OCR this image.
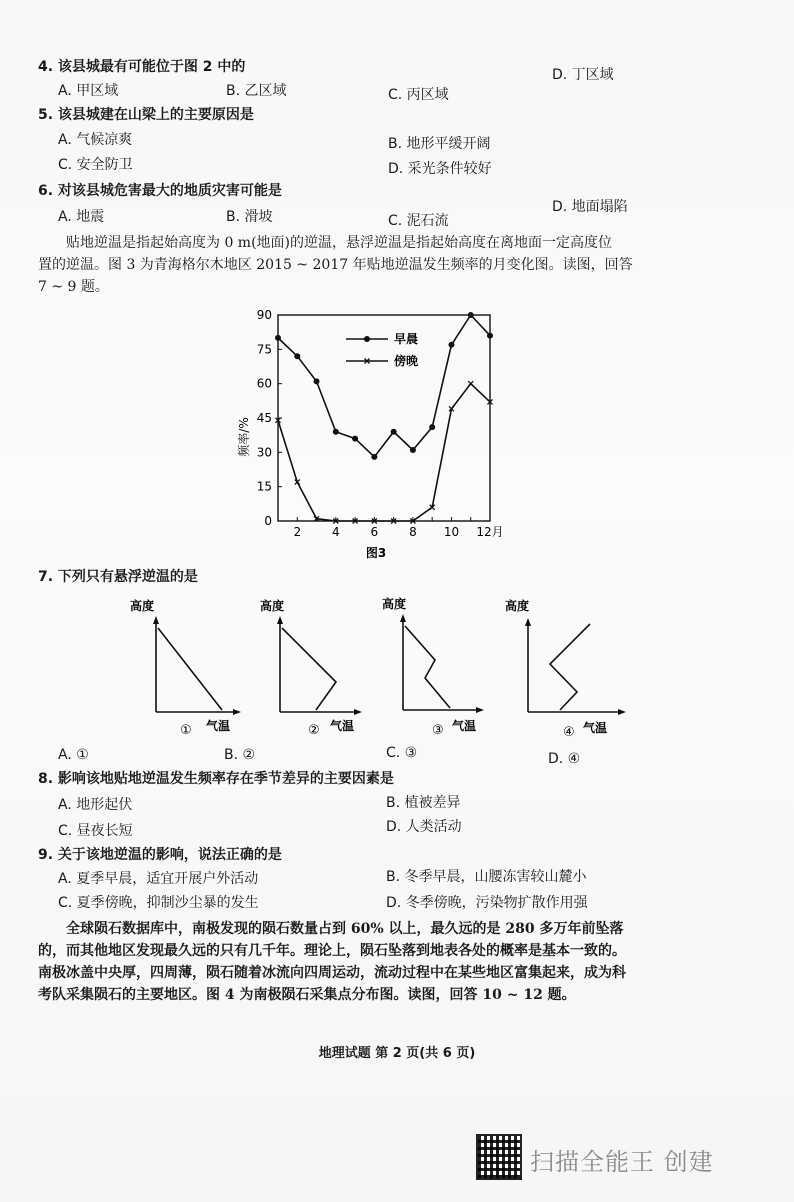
4. 该县城最有可能位于图 2 中的
A. 甲区域	B. 乙区域	C. 丙区域
D. 丁区域
5. 该县城建在山梁上的主要原因是
A. 气候凉爽	B. 地形平缓开阔
C. 安全防卫	D. 采光条件较好
6. 对该县城危害最大的地质灾害可能是
A. 地震	B. 滑坡	C. 泥石流
D. 地面塌陷
贴地逆温是指起始高度为 0 m(地面)的逆温，悬浮逆温是指起始高度在离地面一定高度位
置的逆温。图 3 为青海格尔木地区 2015 ~ 2017 年贴地逆温发生频率的月变化图。读图，回答
7 ~ 9 题。
0
15
30
45
60
75
90
2	4	6	8 10 12月
早晨
傍晚
频率/%
图3
7. 下列只有悬浮逆温的是
高度
① 气温
高度
② 气温
高度
③ 气温
高度
④ 气温
A. ①	B. ②	C. ③	D. ④
8. 影响该地贴地逆温发生频率存在季节差异的主要因素是
A. 地形起伏	B. 植被差异
C. 昼夜长短	D. 人类活动
9. 关于该地逆温的影响，说法正确的是
A. 夏季早晨，适宜开展户外活动	B. 冬季早晨，山腰冻害较山麓小
C. 夏季傍晚，抑制沙尘暴的发生	D. 冬季傍晚，污染物扩散作用强
全球陨石数据库中，南极发现的陨石数量占到 60% 以上，最久远的是 280 多万年前坠落
的，而其他地区发现最久远的只有几千年。理论上，陨石坠落到地表各处的概率是基本一致的。
南极冰盖中央厚，四周薄，陨石随着冰流向四周运动，流动过程中在某些地区富集起来，成为科
考队采集陨石的主要地区。图 4 为南极陨石采集点分布图。读图，回答 10 ~ 12 题。
地理试题 第 2 页(共 6 页)
扫描全能王 创建
